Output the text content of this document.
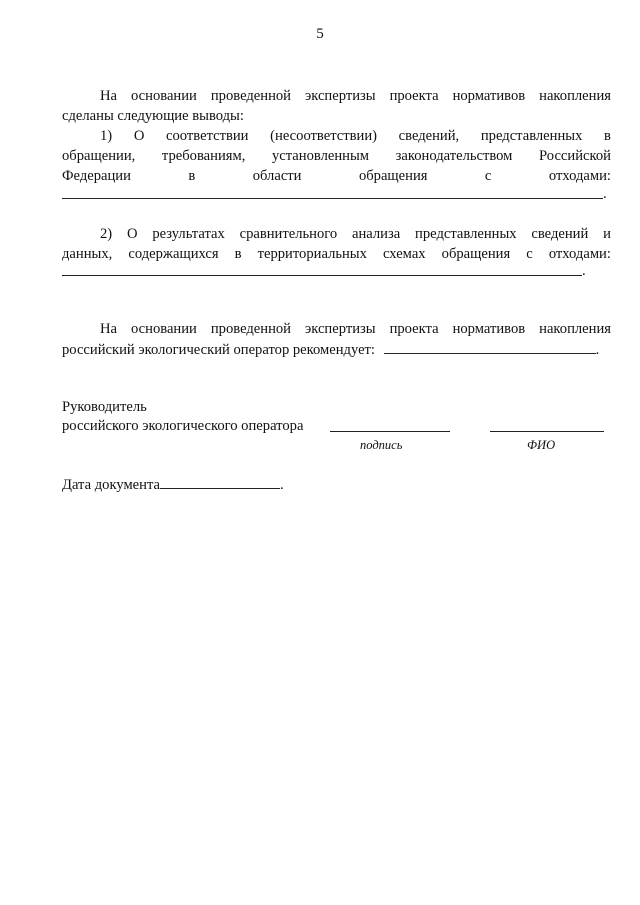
5
На основании проведенной экспертизы проекта нормативов накопления
сделаны следующие выводы:
1) О соответствии (несоответствии) сведений, представленных в
обращении, требованиям, установленным законодательством Российской
Федерации	в	области	обращения	с	отходами:
.
2) О результатах сравнительного анализа представленных сведений и
данных, содержащихся в территориальных схемах обращения с отходами:
.
На основании проведенной экспертизы проекта нормативов накопления
российский экологический оператор рекомендует:	.
Руководитель
российского экологического оператора
подпись	ФИО
Дата документа	.
